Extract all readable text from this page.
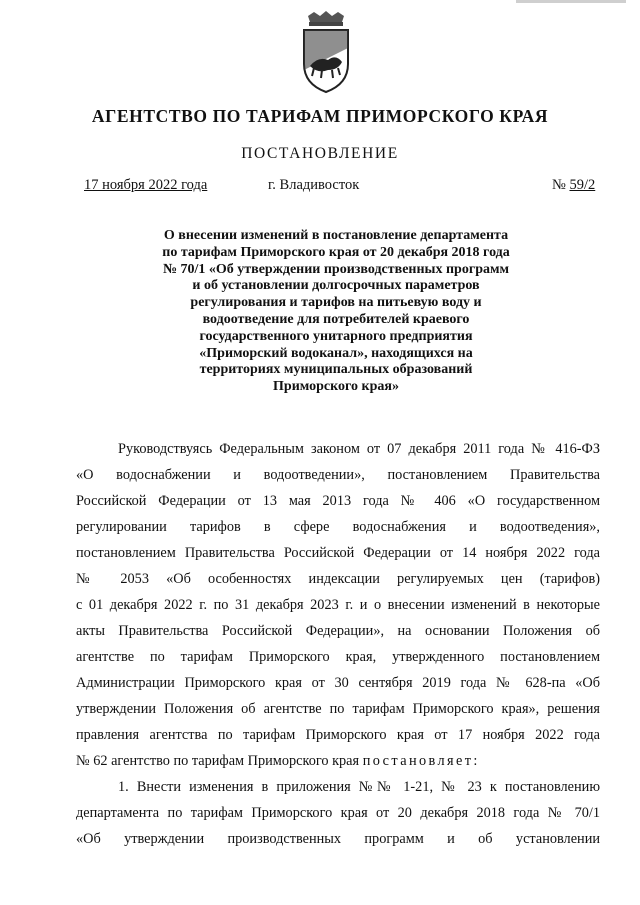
АГЕНТСТВО ПО ТАРИФАМ ПРИМОРСКОГО КРАЯ
ПОСТАНОВЛЕНИЕ
17 ноября 2022 года	г. Владивосток	№ 59/2
О внесении изменений в постановление департамента
по тарифам Приморского края от 20 декабря 2018 года
№ 70/1 «Об утверждении производственных программ
и об установлении долгосрочных параметров
регулирования и тарифов на питьевую воду и
водоотведение для потребителей краевого
государственного унитарного предприятия
«Приморский водоканал», находящихся на
территориях муниципальных образований
Приморского края»
Руководствуясь Федеральным законом от 07 декабря 2011 года № 416-ФЗ
«О водоснабжении и водоотведении», постановлением Правительства
Российской Федерации от 13 мая 2013 года № 406 «О государственном
регулировании тарифов в сфере водоснабжения и водоотведения»,
постановлением Правительства Российской Федерации от 14 ноября 2022 года
№ 2053 «Об особенностях индексации регулируемых цен (тарифов)
с 01 декабря 2022 г. по 31 декабря 2023 г. и о внесении изменений в некоторые
акты Правительства Российской Федерации», на основании Положения об
агентстве по тарифам Приморского края, утвержденного постановлением
Администрации Приморского края от 30 сентября 2019 года № 628-па «Об
утверждении Положения об агентстве по тарифам Приморского края», решения
правления агентства по тарифам Приморского края от 17 ноября 2022 года
№ 62 агентство по тарифам Приморского края постановляет:
1. Внести изменения в приложения №№ 1-21, № 23 к постановлению
департамента по тарифам Приморского края от 20 декабря 2018 года № 70/1
«Об утверждении производственных программ и об установлении
